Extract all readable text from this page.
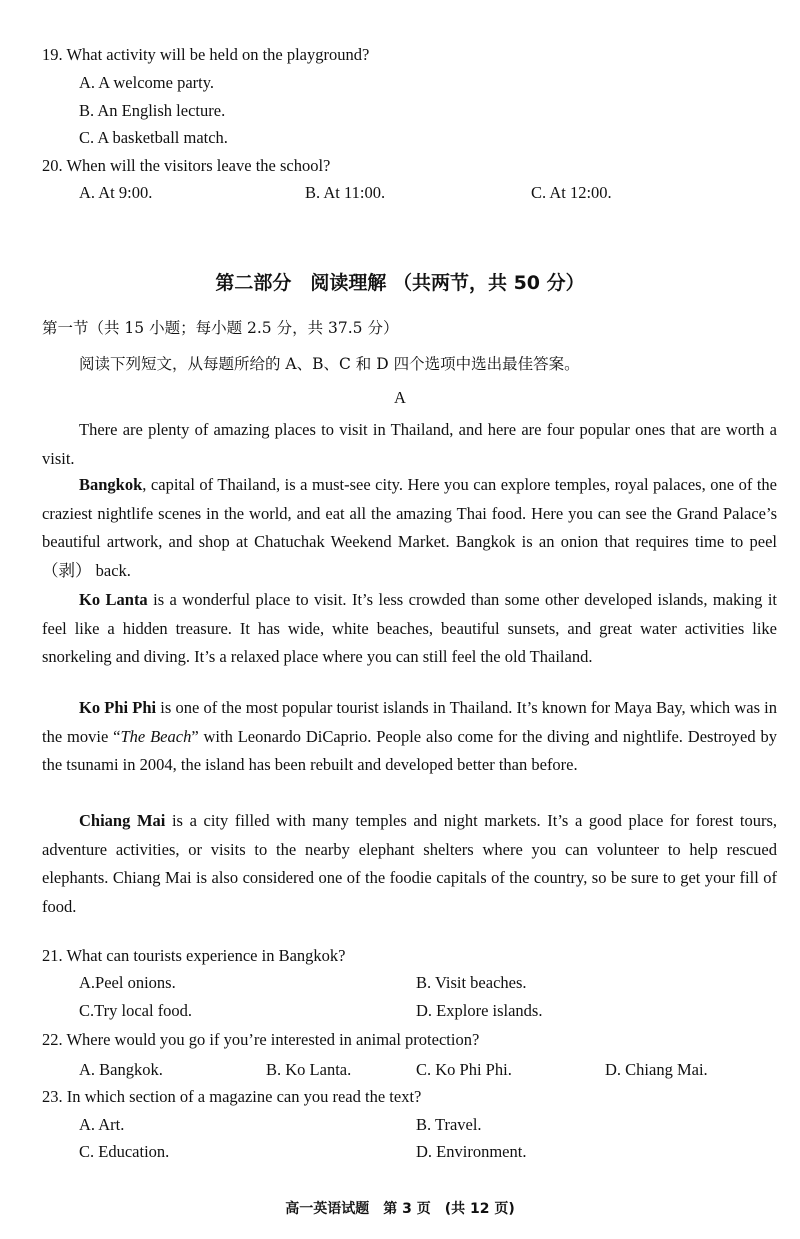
19. What activity will be held on the playground?
A. A welcome party.
B. An English lecture.
C. A basketball match.
20. When will the visitors leave the school?
A. At 9:00.	B. At 11:00.	C. At 12:00.
第二部分　阅读理解 （共两节，共 50 分）
第一节（共 15 小题；每小题 2.5 分，共 37.5 分）
阅读下列短文，从每题所给的 A、B、C 和 D 四个选项中选出最佳答案。
A
There are plenty of amazing places to visit in Thailand, and here are four popular ones that are worth a visit.
Bangkok, capital of Thailand, is a must-see city. Here you can explore temples, royal palaces, one of the craziest nightlife scenes in the world, and eat all the amazing Thai food. Here you can see the Grand Palace’s beautiful artwork, and shop at Chatuchak Weekend Market. Bangkok is an onion that requires time to peel（剥） back.
Ko Lanta is a wonderful place to visit. It’s less crowded than some other developed islands, making it feel like a hidden treasure. It has wide, white beaches, beautiful sunsets, and great water activities like snorkeling and diving. It’s a relaxed place where you can still feel the old Thailand.
Ko Phi Phi is one of the most popular tourist islands in Thailand. It’s known for Maya Bay, which was in the movie “The Beach” with Leonardo DiCaprio. People also come for the diving and nightlife. Destroyed by the tsunami in 2004, the island has been rebuilt and developed better than before.
Chiang Mai is a city filled with many temples and night markets. It’s a good place for forest tours, adventure activities, or visits to the nearby elephant shelters where you can volunteer to help rescued elephants. Chiang Mai is also considered one of the foodie capitals of the country, so be sure to get your fill of food.
21. What can tourists experience in Bangkok?
A.Peel onions.	B. Visit beaches.
C.Try local food.	D. Explore islands.
22. Where would you go if you’re interested in animal protection?
A. Bangkok.	B. Ko Lanta.	C. Ko Phi Phi.	D. Chiang Mai.
23. In which section of a magazine can you read the text?
A. Art.	B. Travel.
C. Education.	D. Environment.
高一英语试题　第 3 页　(共 12 页)
